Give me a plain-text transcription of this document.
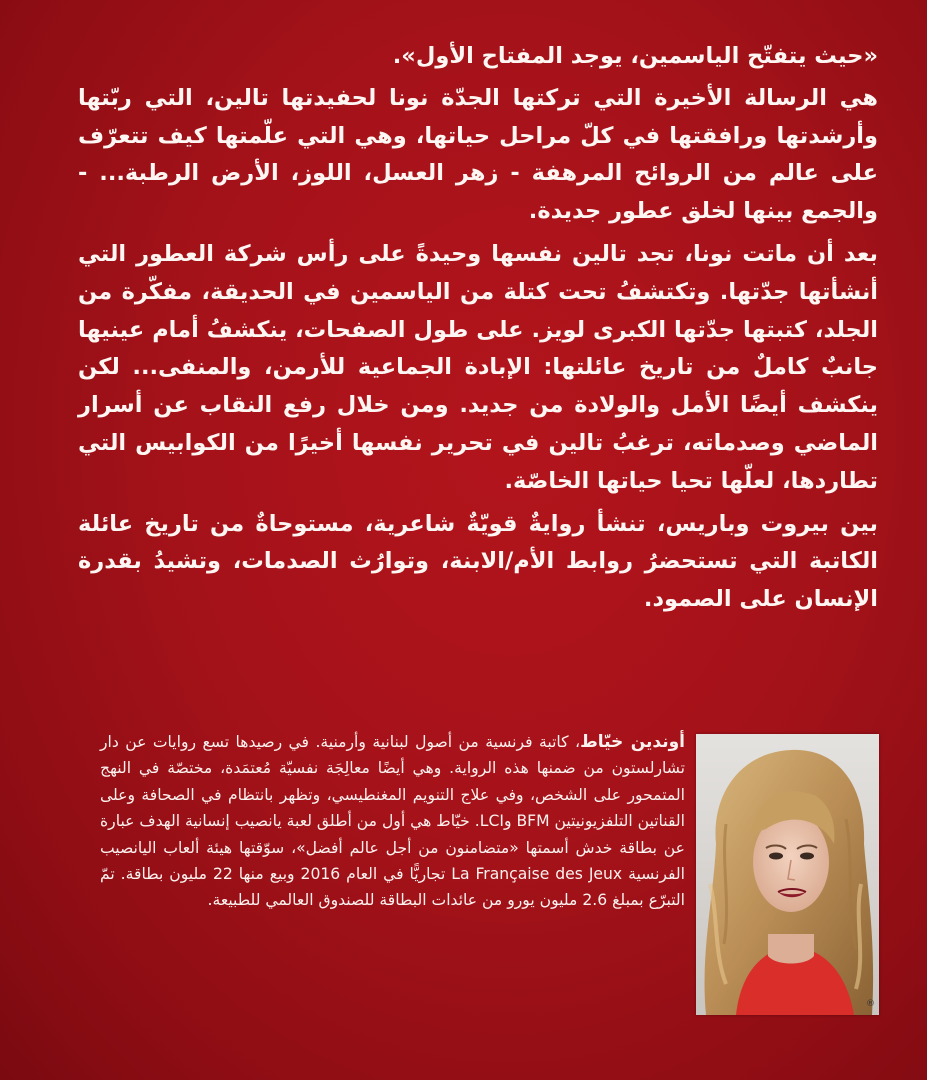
«حيث يتفتّح الياسمين، يوجد المفتاح الأول».

هي الرسالة الأخيرة التي تركتها الجدّة نونا لحفيدتها تالين، التي ربّتها وأرشدتها ورافقتها في كلّ مراحل حياتها، وهي التي علّمتها كيف تتعرّف على عالم من الروائح المرهفة - زهر العسل، اللوز، الأرض الرطبة... - والجمع بينها لخلق عطور جديدة.

بعد أن ماتت نونا، تجد تالين نفسها وحيدةً على رأس شركة العطور التي أنشأتها جدّتها. وتكتشفُ تحت كتلة من الياسمين في الحديقة، مفكّرة من الجلد، كتبتها جدّتها الكبرى لويز. على طول الصفحات، ينكشفُ أمام عينيها جانبٌ كاملٌ من تاريخ عائلتها: الإبادة الجماعية للأرمن، والمنفى... لكن ينكشف أيضًا الأمل والولادة من جديد. ومن خلال رفع النقاب عن أسرار الماضي وصدماته، ترغبُ تالين في تحرير نفسها أخيرًا من الكوابيس التي تطاردها، لعلّها تحيا حياتها الخاصّة.

بين بيروت وباريس، تنشأ روايةٌ قويّةٌ شاعرية، مستوحاةٌ من تاريخ عائلة الكاتبة التي تستحضرُ روابط الأم/الابنة، وتوارُث الصدمات، وتشيدُ بقدرة الإنسان على الصمود.

أوندين خيّاط، كاتبة فرنسية من أصول لبنانية وأرمنية. في رصيدها تسع روايات عن دار تشارلستون من ضمنها هذه الرواية. وهي أيضًا معالِجَة نفسيّة مُعتمَدة، مختصّة في النهج المتمحور على الشخص، وفي علاج التنويم المغنطيسي، وتظهر بانتظام في الصحافة وعلى القناتين التلفزيونيتين BFM وLCI. خيّاط هي أول من أطلق لعبة يانصيب إنسانية الهدف عبارة عن بطاقة خدش أسمتها «متضامنون من أجل عالم أفضل»، سوّقتها هيئة ألعاب اليانصيب الفرنسية La Française des Jeux تجاريًّا في العام 2016 وبيع منها 22 مليون بطاقة. تمّ التبرّع بمبلغ 2.6 مليون يورو من عائدات البطاقة للصندوق العالمي للطبيعة.
®
